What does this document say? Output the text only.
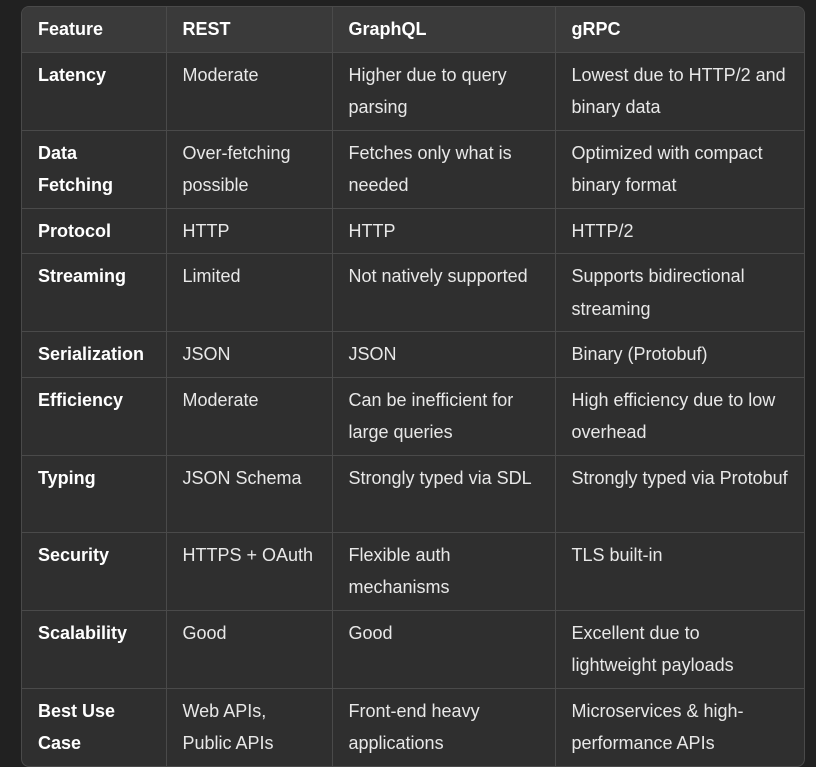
Feature	REST	GraphQL	gRPC
Latency	Moderate	Higher due to query parsing	Lowest due to HTTP/2 and binary data
Data Fetching	Over-fetching possible	Fetches only what is needed	Optimized with compact binary format
Protocol	HTTP	HTTP	HTTP/2
Streaming	Limited	Not natively supported	Supports bidirectional streaming
Serialization	JSON	JSON	Binary (Protobuf)
Efficiency	Moderate	Can be inefficient for large queries	High efficiency due to low overhead
Typing	JSON Schema	Strongly typed via SDL	Strongly typed via Protobuf
Security	HTTPS + OAuth	Flexible auth mechanisms	TLS built-in
Scalability	Good	Good	Excellent due to lightweight payloads
Best Use Case	Web APIs, Public APIs	Front-end heavy applications	Microservices & high-performance APIs
